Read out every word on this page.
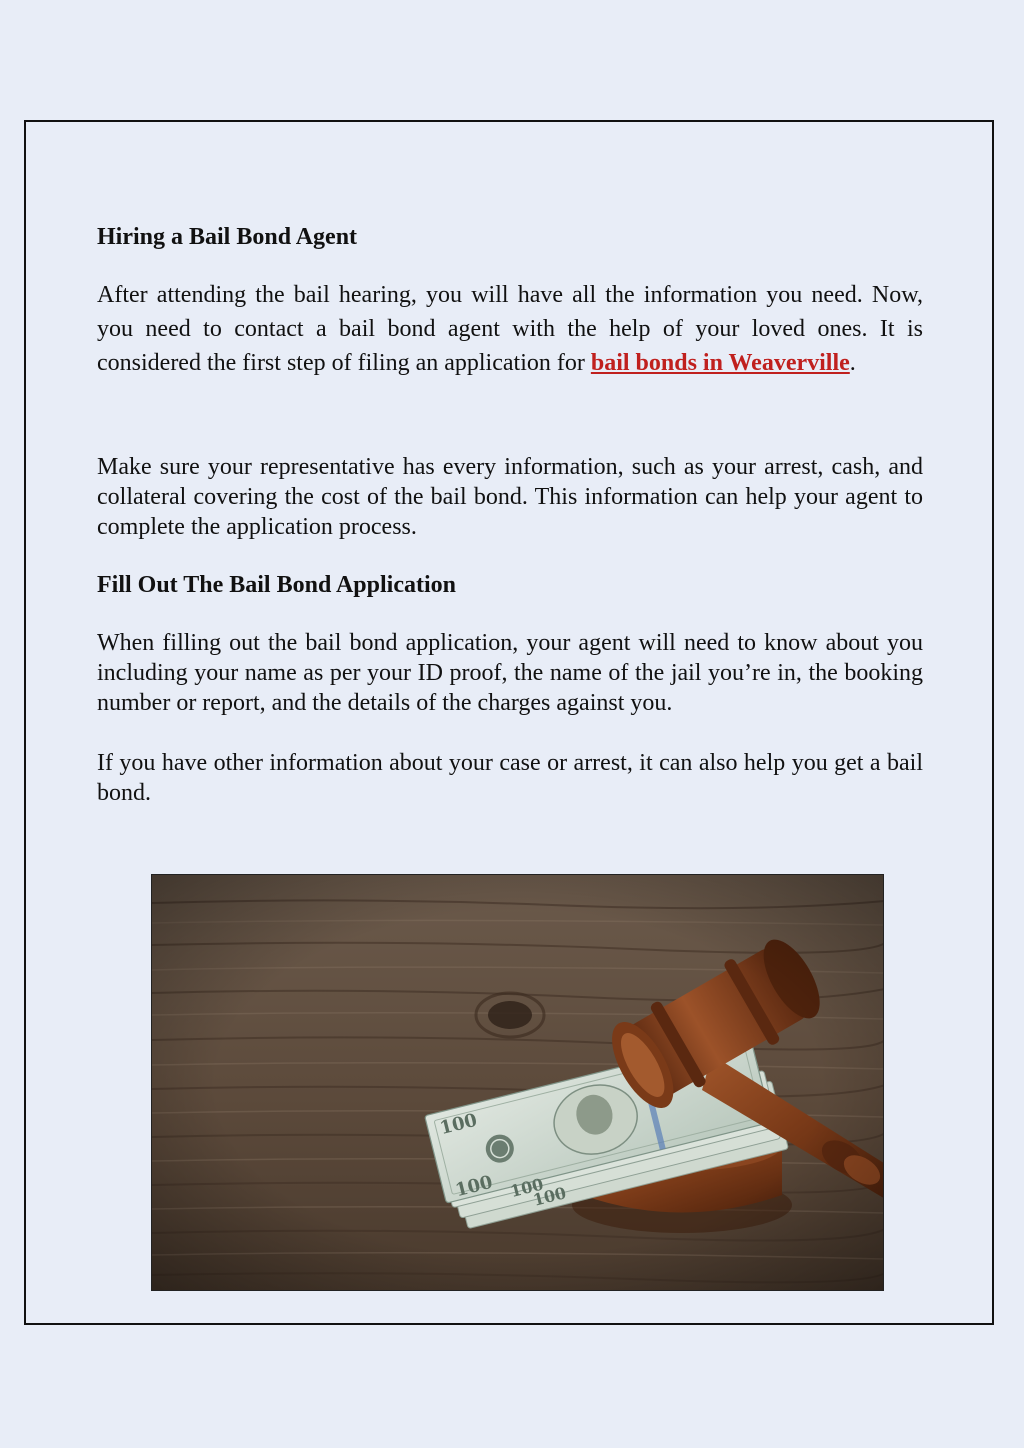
Hiring a Bail Bond Agent

After attending the bail hearing, you will have all the information you need. Now, you need to contact a bail bond agent with the help of your loved ones. It is considered the first step of filing an application for bail bonds in Weaverville.

Make sure your representative has every information, such as your arrest, cash, and collateral covering the cost of the bail bond. This information can help your agent to complete the application process.

Fill Out The Bail Bond Application

When filling out the bail bond application, your agent will need to know about you including your name as per your ID proof, the name of the jail you’re in, the booking number or report, and the details of the charges against you.

If you have other information about your case or arrest, it can also help you get a bail bond.
